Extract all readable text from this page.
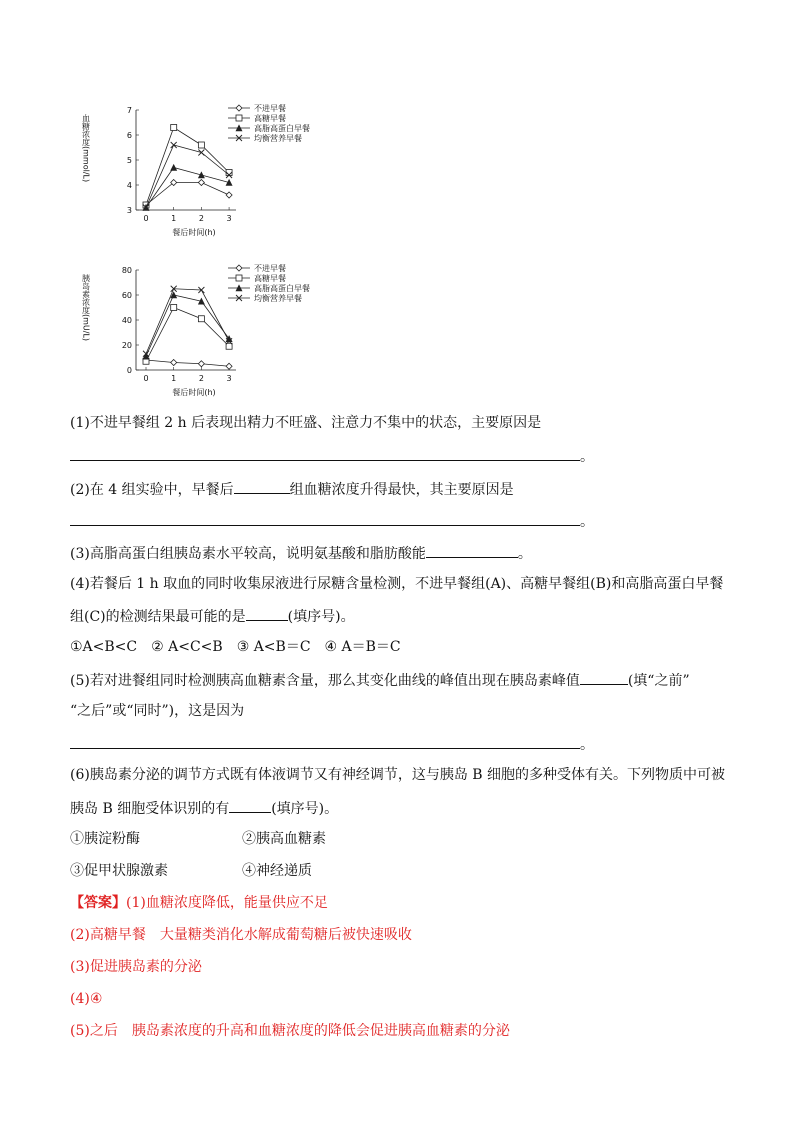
血糖浓度(mmol/L)
3
4
5
6
7
0	1	2	3
餐后时间(h)
不进早餐
高糖早餐
高脂高蛋白早餐
均衡营养早餐
胰岛素浓度(mU/L)
0
20
40
60
80
0	1	2	3
餐后时间(h)
不进早餐
高糖早餐
高脂高蛋白早餐
均衡营养早餐
(1)不进早餐组 2 h 后表现出精力不旺盛、注意力不集中的状态，主要原因是
。
(2)在 4 组实验中，早餐后	组血糖浓度升得最快，其主要原因是
。
(3)高脂高蛋白组胰岛素水平较高，说明氨基酸和脂肪酸能	。
(4)若餐后 1 h 取血的同时收集尿液进行尿糖含量检测，不进早餐组(A)、高糖早餐组(B)和高脂高蛋白早餐
组(C)的检测结果最可能的是	(填序号)。
①A<B<C　② A<C<B　③ A<B＝C　④ A＝B＝C
(5)若对进餐组同时检测胰高血糖素含量，那么其变化曲线的峰值出现在胰岛素峰值	(填“之前”
“之后”或“同时”)，这是因为
。
(6)胰岛素分泌的调节方式既有体液调节又有神经调节，这与胰岛 B 细胞的多种受体有关。下列物质中可被
胰岛 B 细胞受体识别的有	(填序号)。
①胰淀粉酶	②胰高血糖素
③促甲状腺激素	④神经递质
【答案】(1)血糖浓度降低，能量供应不足
(2)高糖早餐　大量糖类消化水解成葡萄糖后被快速吸收
(3)促进胰岛素的分泌
(4)④
(5)之后　胰岛素浓度的升高和血糖浓度的降低会促进胰高血糖素的分泌
